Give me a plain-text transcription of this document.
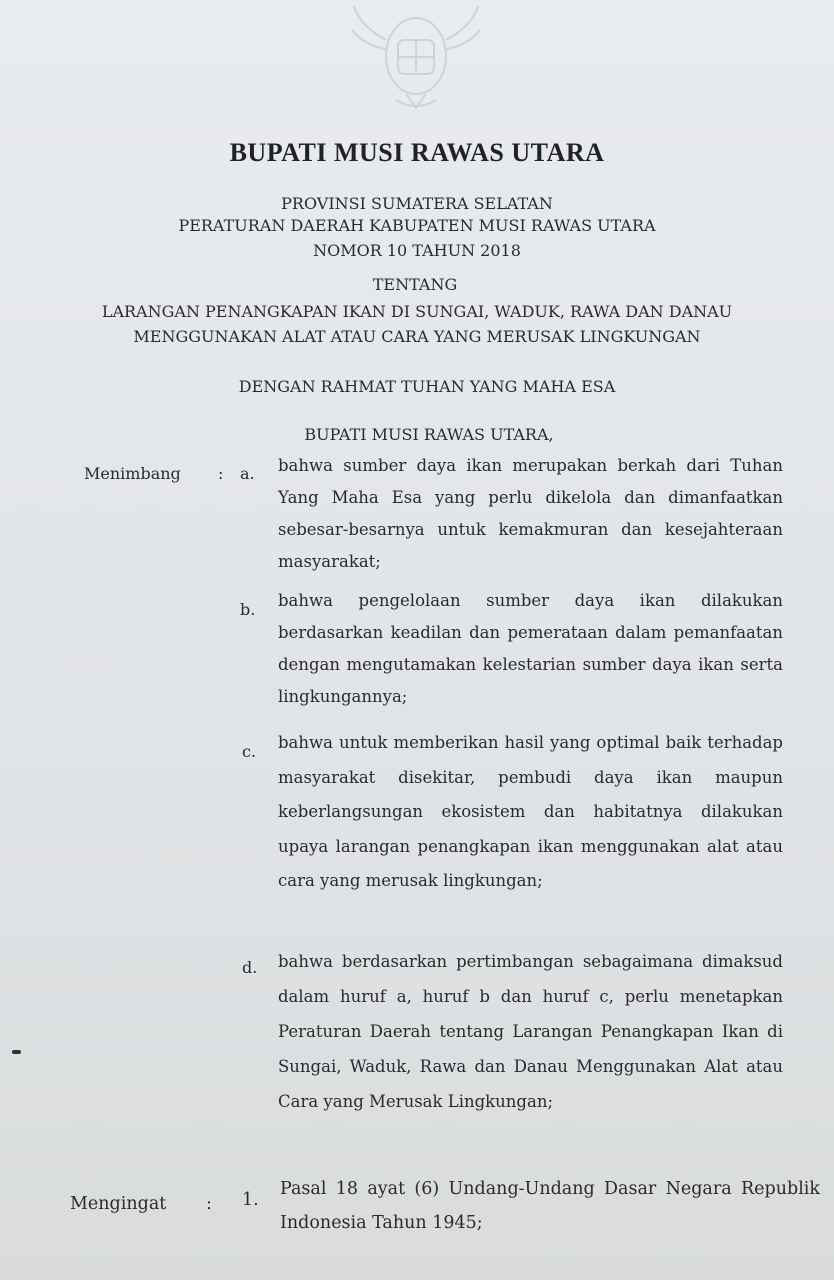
BUPATI MUSI RAWAS UTARA
PROVINSI SUMATERA SELATAN
PERATURAN DAERAH KABUPATEN MUSI RAWAS UTARA
NOMOR 10 TAHUN 2018
TENTANG
LARANGAN PENANGKAPAN IKAN DI SUNGAI, WADUK, RAWA DAN DANAU
MENGGUNAKAN ALAT ATAU CARA YANG MERUSAK LINGKUNGAN
DENGAN RAHMAT TUHAN YANG MAHA ESA
BUPATI MUSI RAWAS UTARA,
Menimbang : a. bahwa sumber daya ikan merupakan berkah dari Tuhan Yang Maha Esa yang perlu dikelola dan dimanfaatkan sebesar-besarnya untuk kemakmuran dan kesejahteraan masyarakat;
b. bahwa pengelolaan sumber daya ikan dilakukan berdasarkan keadilan dan pemerataan dalam pemanfaatan dengan mengutamakan kelestarian sumber daya ikan serta lingkungannya;
c. bahwa untuk memberikan hasil yang optimal baik terhadap masyarakat disekitar, pembudi daya ikan maupun keberlangsungan ekosistem dan habitatnya dilakukan upaya larangan penangkapan ikan menggunakan alat atau cara yang merusak lingkungan;
d. bahwa berdasarkan pertimbangan sebagaimana dimaksud dalam huruf a, huruf b dan huruf c, perlu menetapkan Peraturan Daerah tentang Larangan Penangkapan Ikan di Sungai, Waduk, Rawa dan Danau Menggunakan Alat atau Cara yang Merusak Lingkungan;
Mengingat : 1.
Pasal 18 ayat (6) Undang-Undang Dasar Negara Republik Indonesia Tahun 1945;
